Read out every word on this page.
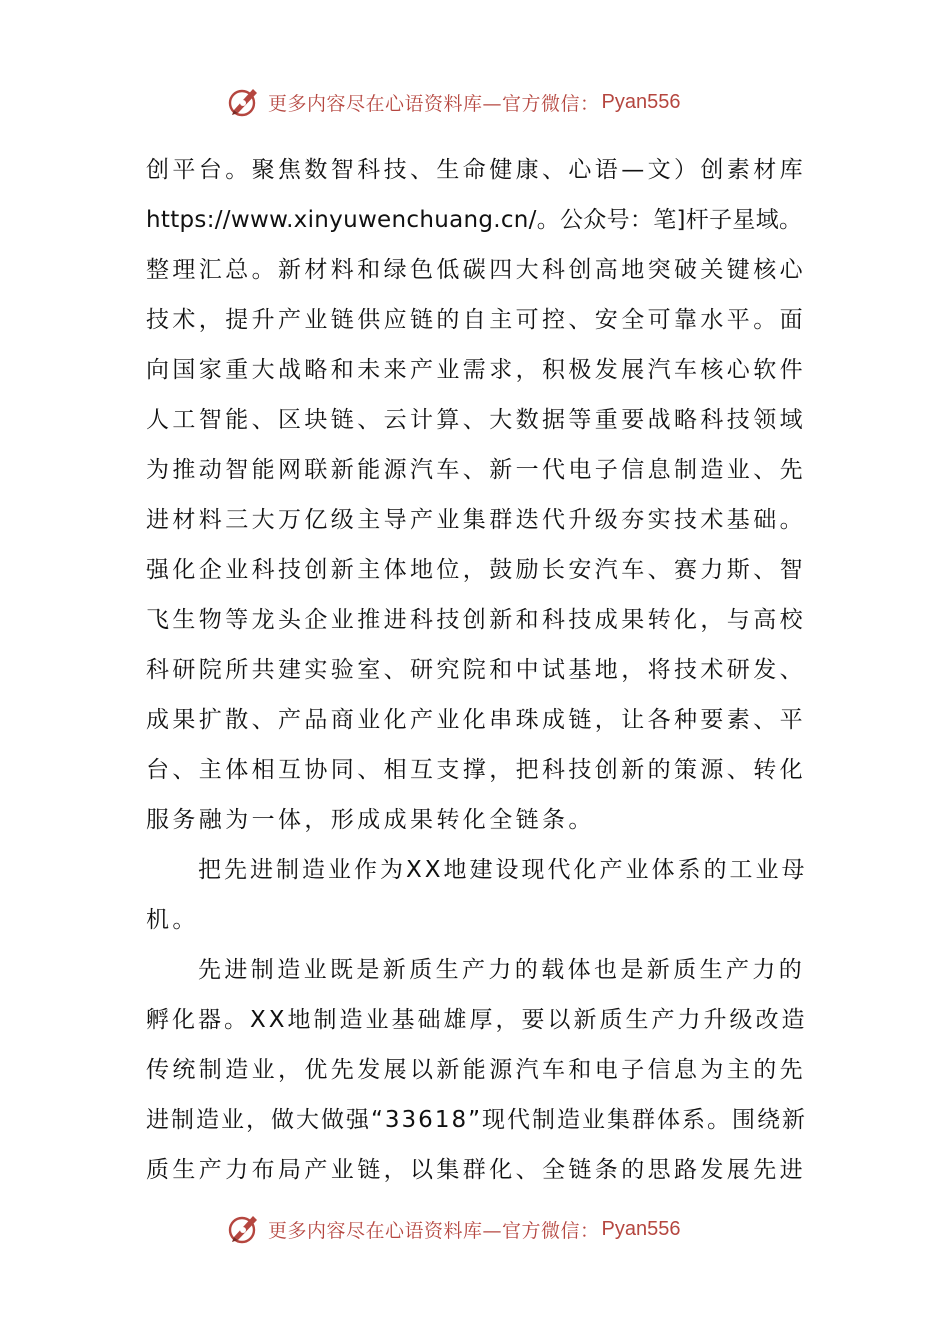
更多内容尽在心语资料库—官方微信： Pyan556
创平台。聚焦数智科技、生命健康、心语—文）创素材库
https://www.xinyuwenchuang.cn/。公众号：笔]杆子星域。
整理汇总。新材料和绿色低碳四大科创高地突破关键核心
技术，提升产业链供应链的自主可控、安全可靠水平。面
向国家重大战略和未来产业需求，积极发展汽车核心软件
人工智能、区块链、云计算、大数据等重要战略科技领域
为推动智能网联新能源汽车、新一代电子信息制造业、先
进材料三大万亿级主导产业集群迭代升级夯实技术基础。
强化企业科技创新主体地位，鼓励长安汽车、赛力斯、智
飞生物等龙头企业推进科技创新和科技成果转化，与高校
科研院所共建实验室、研究院和中试基地，将技术研发、
成果扩散、产品商业化产业化串珠成链，让各种要素、平
台、主体相互协同、相互支撑，把科技创新的策源、转化
服务融为一体，形成成果转化全链条。
把先进制造业作为XX地建设现代化产业体系的工业母
机。
先进制造业既是新质生产力的载体也是新质生产力的
孵化器。XX地制造业基础雄厚，要以新质生产力升级改造
传统制造业，优先发展以新能源汽车和电子信息为主的先
进制造业，做大做强“33618”现代制造业集群体系。围绕新
质生产力布局产业链，以集群化、全链条的思路发展先进
更多内容尽在心语资料库—官方微信： Pyan556
